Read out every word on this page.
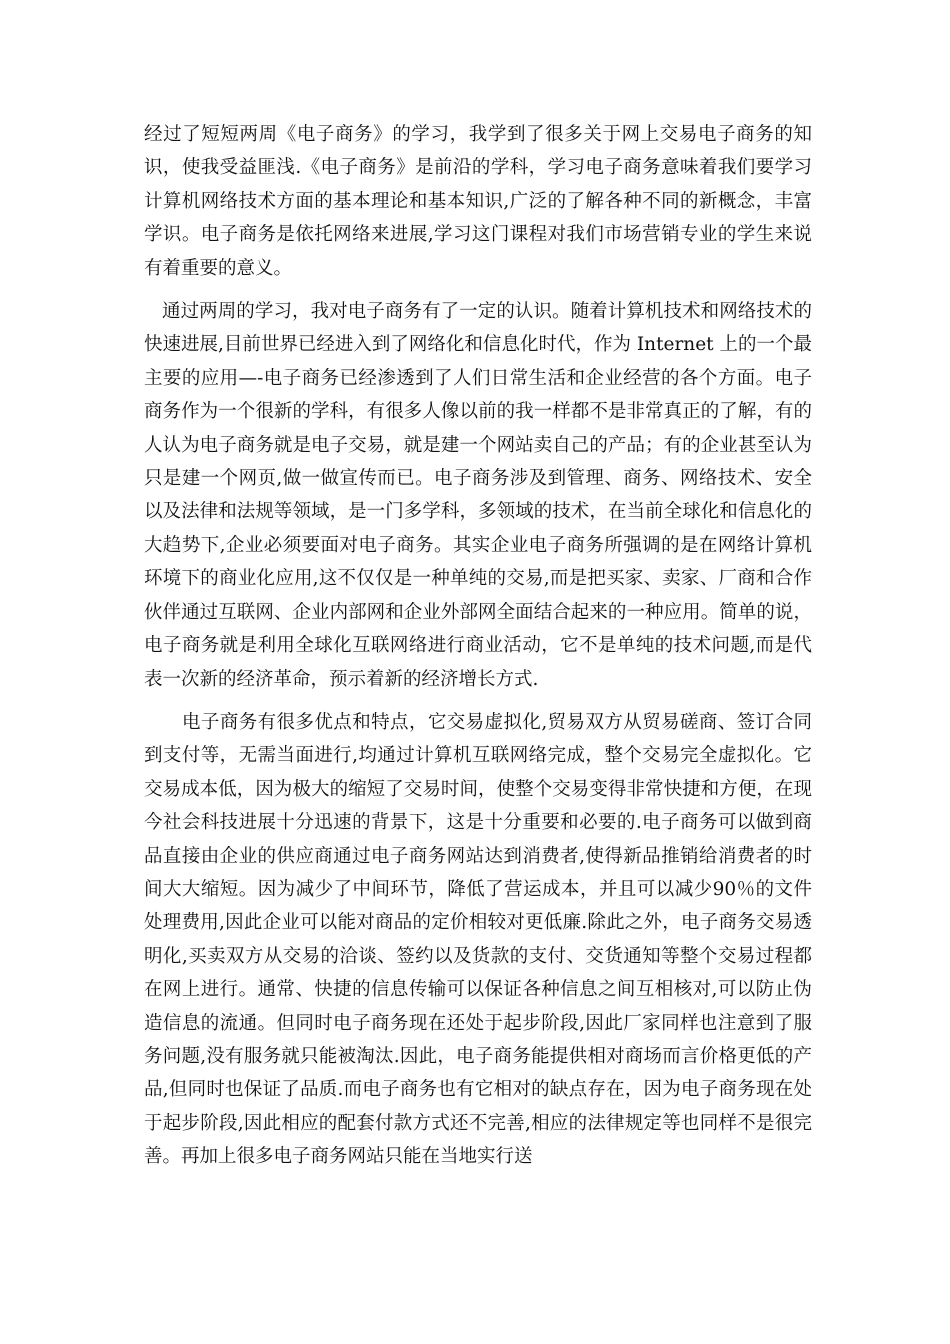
经过了短短两周《电子商务》的学习，我学到了很多关于网上交易电子商务的知识，使我受益匪浅.《电子商务》是前沿的学科，学习电子商务意味着我们要学习计算机网络技术方面的基本理论和基本知识,广泛的了解各种不同的新概念，丰富学识。电子商务是依托网络来进展,学习这门课程对我们市场营销专业的学生来说有着重要的意义。

通过两周的学习，我对电子商务有了一定的认识。随着计算机技术和网络技术的快速进展,目前世界已经进入到了网络化和信息化时代，作为 Internet 上的一个最主要的应用—-电子商务已经渗透到了人们日常生活和企业经营的各个方面。电子商务作为一个很新的学科，有很多人像以前的我一样都不是非常真正的了解，有的人认为电子商务就是电子交易，就是建一个网站卖自己的产品；有的企业甚至认为只是建一个网页,做一做宣传而已。电子商务涉及到管理、商务、网络技术、安全以及法律和法规等领域，是一门多学科，多领域的技术，在当前全球化和信息化的大趋势下,企业必须要面对电子商务。其实企业电子商务所强调的是在网络计算机环境下的商业化应用,这不仅仅是一种单纯的交易,而是把买家、卖家、厂商和合作伙伴通过互联网、企业内部网和企业外部网全面结合起来的一种应用。简单的说，电子商务就是利用全球化互联网络进行商业活动，它不是单纯的技术问题,而是代表一次新的经济革命，预示着新的经济增长方式.

电子商务有很多优点和特点，它交易虚拟化,贸易双方从贸易磋商、签订合同到支付等，无需当面进行,均通过计算机互联网络完成，整个交易完全虚拟化。它交易成本低，因为极大的缩短了交易时间，使整个交易变得非常快捷和方便，在现今社会科技进展十分迅速的背景下，这是十分重要和必要的.电子商务可以做到商品直接由企业的供应商通过电子商务网站达到消费者,使得新品推销给消费者的时间大大缩短。因为减少了中间环节，降低了营运成本，并且可以减少90％的文件处理费用,因此企业可以能对商品的定价相较对更低廉.除此之外，电子商务交易透明化,买卖双方从交易的洽谈、签约以及货款的支付、交货通知等整个交易过程都在网上进行。通常、快捷的信息传输可以保证各种信息之间互相核对,可以防止伪造信息的流通。但同时电子商务现在还处于起步阶段,因此厂家同样也注意到了服务问题,没有服务就只能被淘汰.因此，电子商务能提供相对商场而言价格更低的产品,但同时也保证了品质.而电子商务也有它相对的缺点存在，因为电子商务现在处于起步阶段,因此相应的配套付款方式还不完善,相应的法律规定等也同样不是很完善。再加上很多电子商务网站只能在当地实行送
